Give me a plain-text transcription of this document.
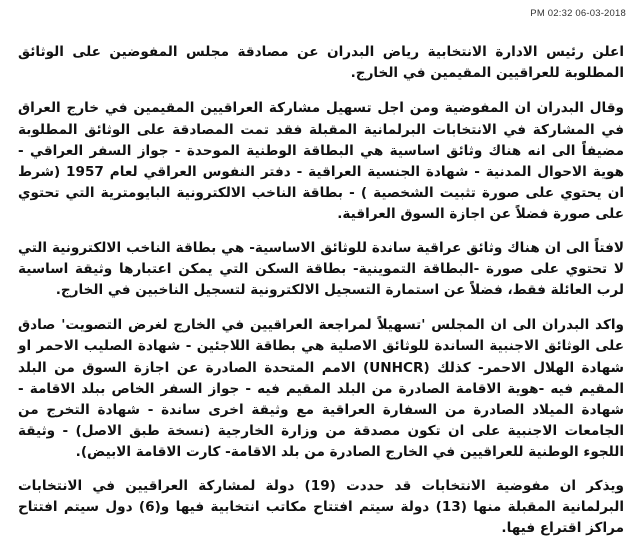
PM 02:32 06-03-2018

اعلن رئيس الادارة الانتخابية رياض البدران عن مصادقة مجلس المفوضين على الوثائق المطلوبة للعراقيين المقيمين في الخارج.

وقال البدران ان المفوضية ومن اجل تسهيل مشاركة العراقيين المقيمين في خارج العراق في المشاركة في الانتخابات البرلمانية المقبلة فقد تمت المصادقة على الوثائق المطلوبة مضيفاً الى انه هناك وثائق اساسية هي البطاقة الوطنية الموحدة - جواز السفر العراقي - هوية الاحوال المدنية - شهادة الجنسية العراقية - دفتر النفوس العراقي لعام 1957 (شرط ان يحتوي على صورة تثبيت الشخصية ) - بطاقة الناخب الالكترونية البايومترية التي تحتوي على صورة فضلاً عن اجازة السوق العراقية.

لافتاً الى ان هناك وثائق عراقية ساندة للوثائق الاساسية- هي بطاقة الناخب الالكترونية التي لا تحتوي على صورة -البطاقة التموينية- بطاقة السكن التي يمكن اعتبارها وثيقة اساسية لرب العائلة فقط، فضلاً عن استمارة التسجيل الالكترونية لتسجيل الناخبين في الخارج.

واكد البدران الى ان المجلس 'تسهيلاً لمراجعة العراقيين في الخارج لغرض التصويت' صادق على الوثائق الاجنبية الساندة للوثائق الاصلية هي بطاقة اللاجئين - شهادة الصليب الاحمر او شهادة الهلال الاحمر- كذلك (UNHCR) الامم المتحدة الصادرة عن اجازة السوق من البلد المقيم فيه -هوية الاقامة الصادرة من البلد المقيم فيه - جواز السفر الخاص ببلد الاقامة - شهادة الميلاد الصادرة من السفارة العراقية مع وثيقة اخرى ساندة - شهادة التخرج من الجامعات الاجنبية على ان تكون مصدقة من وزارة الخارجية (نسخة طبق الاصل) - وثيقة اللجوء الوطنية للعراقيين في الخارج الصادرة من بلد الاقامة- كارت الاقامة الابيض).

ويذكر ان مفوضية الانتخابات قد حددت (19) دولة لمشاركة العراقيين في الانتخابات البرلمانية المقبلة منها (13) دولة سيتم افتتاح مكاتب انتخابية فيها و(6) دول سيتم افتتاح مراكز اقتراع فيها.
